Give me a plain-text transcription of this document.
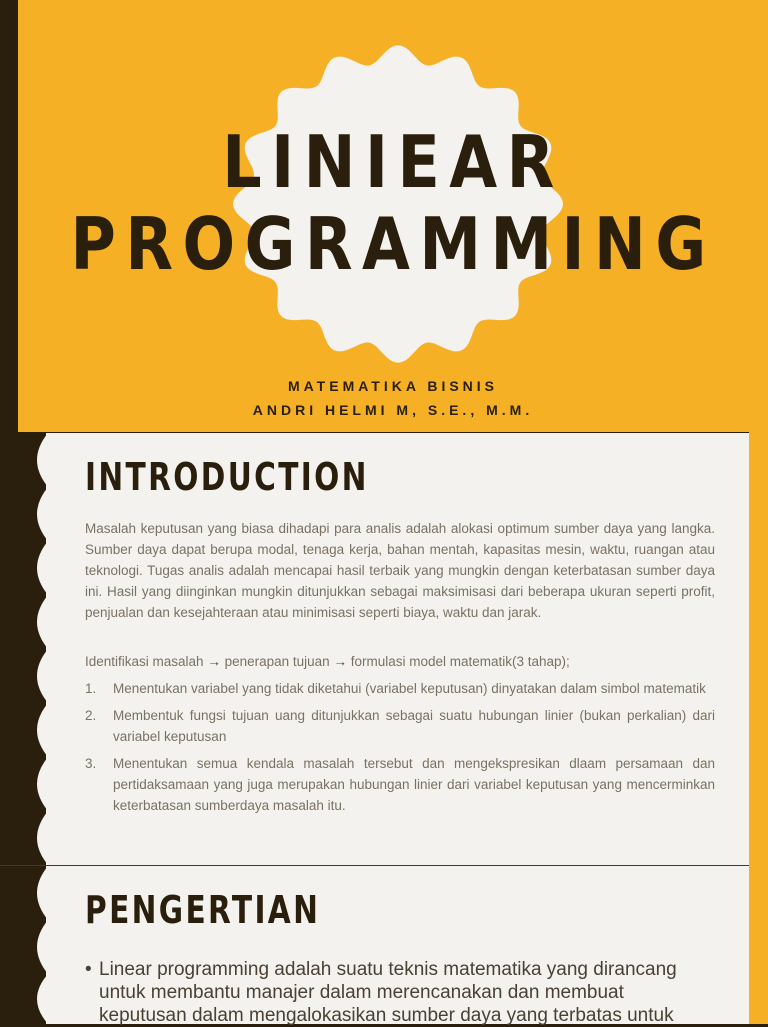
LINIEAR
PROGRAMMING
MATEMATIKA BISNIS
ANDRI HELMI M, S.E., M.M.
INTRODUCTION

Masalah keputusan yang biasa dihadapi para analis adalah alokasi optimum sumber daya yang langka. Sumber daya dapat berupa modal, tenaga kerja, bahan mentah, kapasitas mesin, waktu, ruangan atau teknologi. Tugas analis adalah mencapai hasil terbaik yang mungkin dengan keterbatasan sumber daya ini. Hasil yang diinginkan mungkin ditunjukkan sebagai maksimisasi dari beberapa ukuran seperti profit, penjualan dan kesejahteraan atau minimisasi seperti biaya, waktu dan jarak.

Identifikasi masalah → penerapan tujuan → formulasi model matematik(3 tahap);

1. Menentukan variabel yang tidak diketahui (variabel keputusan) dinyatakan dalam simbol matematik
2. Membentuk fungsi tujuan uang ditunjukkan sebagai suatu hubungan linier (bukan perkalian) dari variabel keputusan
3. Menentukan semua kendala masalah tersebut dan mengekspresikan dlaam persamaan dan pertidaksamaan yang juga merupakan hubungan linier dari variabel keputusan yang mencerminkan keterbatasan sumberdaya masalah itu.
PENGERTIAN

• Linear programming adalah suatu teknis matematika yang dirancang untuk membantu manajer dalam merencanakan dan membuat keputusan dalam mengalokasikan sumber daya yang terbatas untuk
